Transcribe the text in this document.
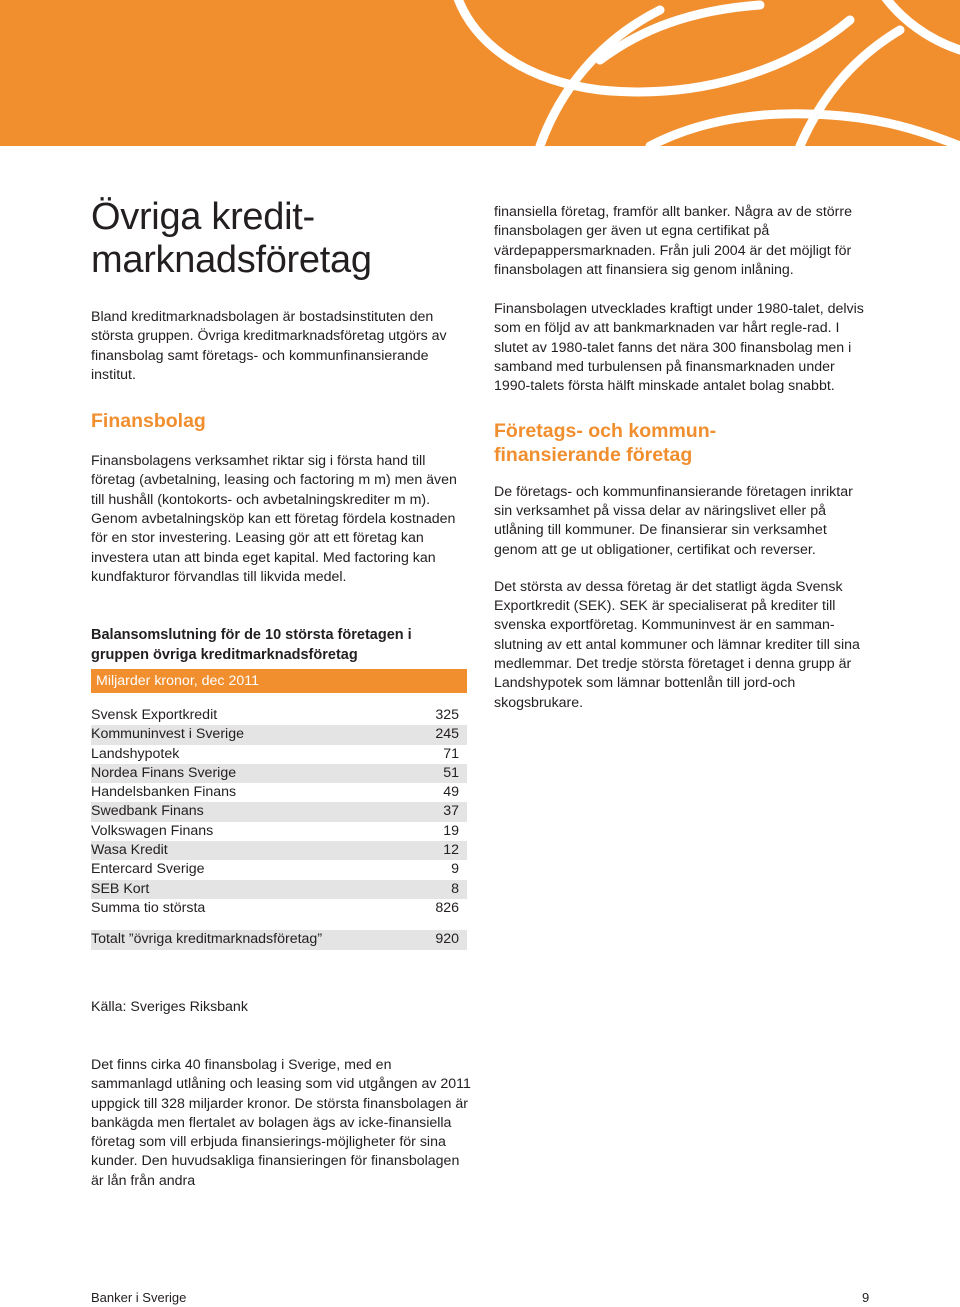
Övriga kredit-
marknadsföretag

Bland kreditmarknadsbolagen är bostadsinstituten den största gruppen. Övriga kreditmarknadsföretag utgörs av finansbolag samt företags- och kommunfinansierande institut.

Finansbolag

Finansbolagens verksamhet riktar sig i första hand till företag (avbetalning, leasing och factoring m m) men även till hushåll (kontokorts- och avbetalningskrediter m m). Genom avbetalningsköp kan ett företag fördela kostnaden för en stor investering. Leasing gör att ett företag kan investera utan att binda eget kapital. Med factoring kan kundfakturor förvandlas till likvida medel.

Balansomslutning för de 10 största företagen i gruppen övriga kreditmarknadsföretag

Miljarder kronor, dec 2011
Svensk Exportkredit	325
Kommuninvest i Sverige	245
Landshypotek	71
Nordea Finans Sverige	51
Handelsbanken Finans	49
Swedbank Finans	37
Volkswagen Finans	19
Wasa Kredit	12
Entercard Sverige	9
SEB Kort	8
Summa tio största	826
Totalt ”övriga kreditmarknadsföretag”	920

Källa: Sveriges Riksbank

Det finns cirka 40 finansbolag i Sverige, med en sammanlagd utlåning och leasing som vid utgången av 2011 uppgick till 328 miljarder kronor. De största finansbolagen är bankägda men flertalet av bolagen ägs av icke-finansiella företag som vill erbjuda finansierings-möjligheter för sina kunder. Den huvudsakliga finansieringen för finansbolagen är lån från andra

finansiella företag, framför allt banker. Några av de större finansbolagen ger även ut egna certifikat på värdepappersmarknaden. Från juli 2004 är det möjligt för finansbolagen att finansiera sig genom inlåning.

Finansbolagen utvecklades kraftigt under 1980-talet, delvis som en följd av att bankmarknaden var hårt regle-rad. I slutet av 1980-talet fanns det nära 300 finansbolag men i samband med turbulensen på finansmarknaden under 1990-talets första hälft minskade antalet bolag snabbt.

Företags- och kommun-
finansierande företag

De företags- och kommunfinansierande företagen inriktar sin verksamhet på vissa delar av näringslivet eller på utlåning till kommuner. De finansierar sin verksamhet genom att ge ut obligationer, certifikat och reverser.

Det största av dessa företag är det statligt ägda Svensk Exportkredit (SEK). SEK är specialiserat på krediter till svenska exportföretag. Kommuninvest är en samman-slutning av ett antal kommuner och lämnar krediter till sina medlemmar. Det tredje största företaget i denna grupp är Landshypotek som lämnar bottenlån till jord-och skogsbrukare.

Banker i Sverige	9
